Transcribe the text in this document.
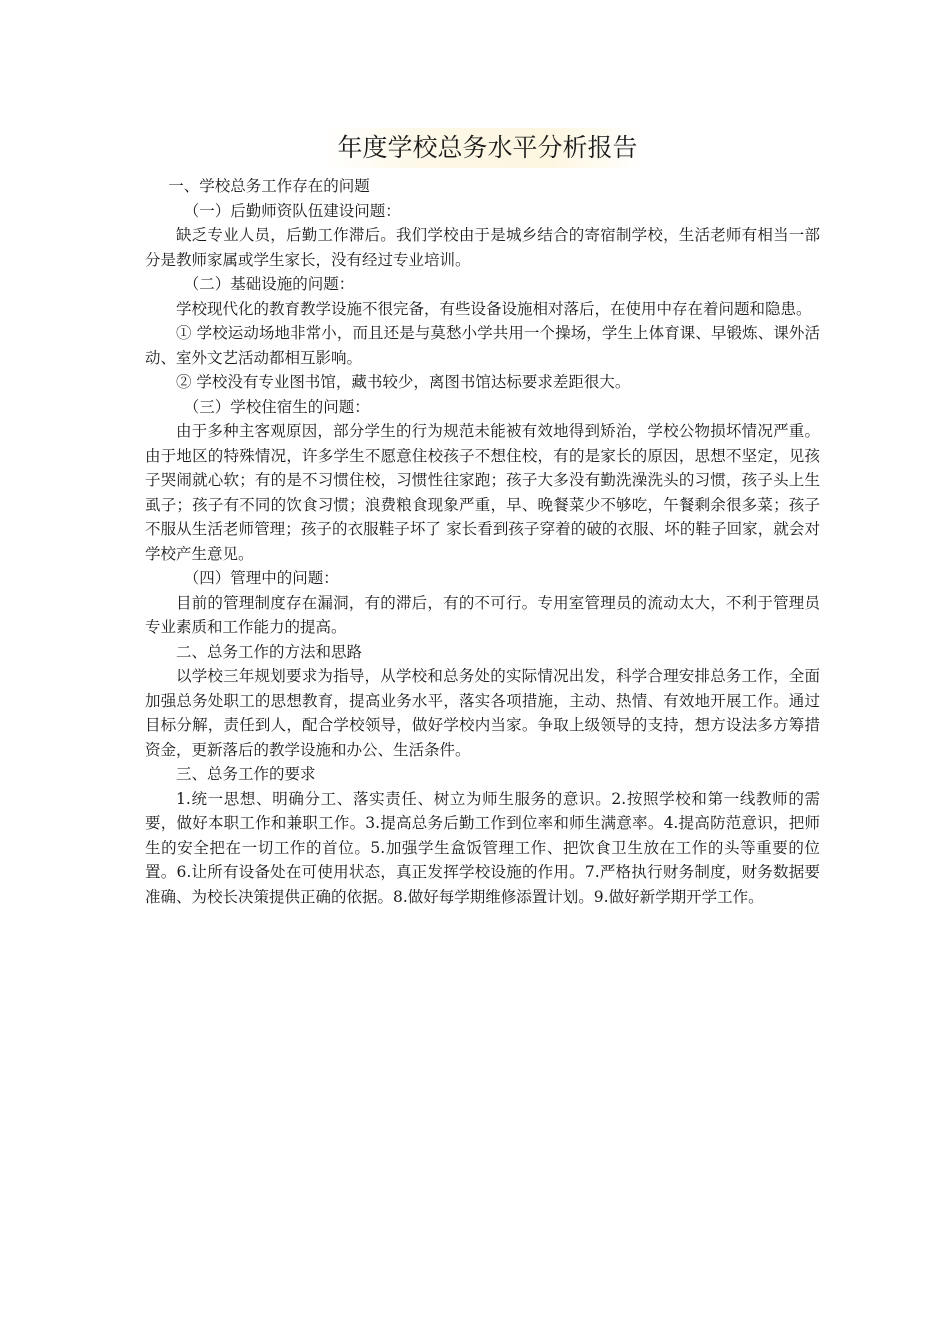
年度学校总务水平分析报告

一、学校总务工作存在的问题

（一）后勤师资队伍建设问题：

缺乏专业人员，后勤工作滞后。我们学校由于是城乡结合的寄宿制学校，生活老师有相当一部分是教师家属或学生家长，没有经过专业培训。

（二）基础设施的问题：

学校现代化的教育教学设施不很完备，有些设备设施相对落后，在使用中存在着问题和隐患。

① 学校运动场地非常小，而且还是与莫愁小学共用一个操场，学生上体育课、早锻炼、课外活动、室外文艺活动都相互影响。

② 学校没有专业图书馆，藏书较少，离图书馆达标要求差距很大。

（三）学校住宿生的问题：

由于多种主客观原因，部分学生的行为规范未能被有效地得到矫治，学校公物损坏情况严重。由于地区的特殊情况，许多学生不愿意住校孩子不想住校，有的是家长的原因，思想不坚定，见孩子哭闹就心软；有的是不习惯住校，习惯性往家跑；孩子大多没有勤洗澡洗头的习惯，孩子头上生虱子；孩子有不同的饮食习惯；浪费粮食现象严重，早、晚餐菜少不够吃，午餐剩余很多菜；孩子不服从生活老师管理；孩子的衣服鞋子坏了 家长看到孩子穿着的破的衣服、坏的鞋子回家，就会对学校产生意见。

（四）管理中的问题：

目前的管理制度存在漏洞，有的滞后，有的不可行。专用室管理员的流动太大，不利于管理员专业素质和工作能力的提高。

二、总务工作的方法和思路

以学校三年规划要求为指导，从学校和总务处的实际情况出发，科学合理安排总务工作，全面加强总务处职工的思想教育，提高业务水平，落实各项措施，主动、热情、有效地开展工作。通过目标分解，责任到人，配合学校领导，做好学校内当家。争取上级领导的支持，想方设法多方筹措资金，更新落后的教学设施和办公、生活条件。

三、总务工作的要求

1.统一思想、明确分工、落实责任、树立为师生服务的意识。2.按照学校和第一线教师的需要，做好本职工作和兼职工作。3.提高总务后勤工作到位率和师生满意率。4.提高防范意识，把师生的安全把在一切工作的首位。5.加强学生盒饭管理工作、把饮食卫生放在工作的头等重要的位置。6.让所有设备处在可使用状态，真正发挥学校设施的作用。7.严格执行财务制度，财务数据要准确、为校长决策提供正确的依据。8.做好每学期维修添置计划。9.做好新学期开学工作。
